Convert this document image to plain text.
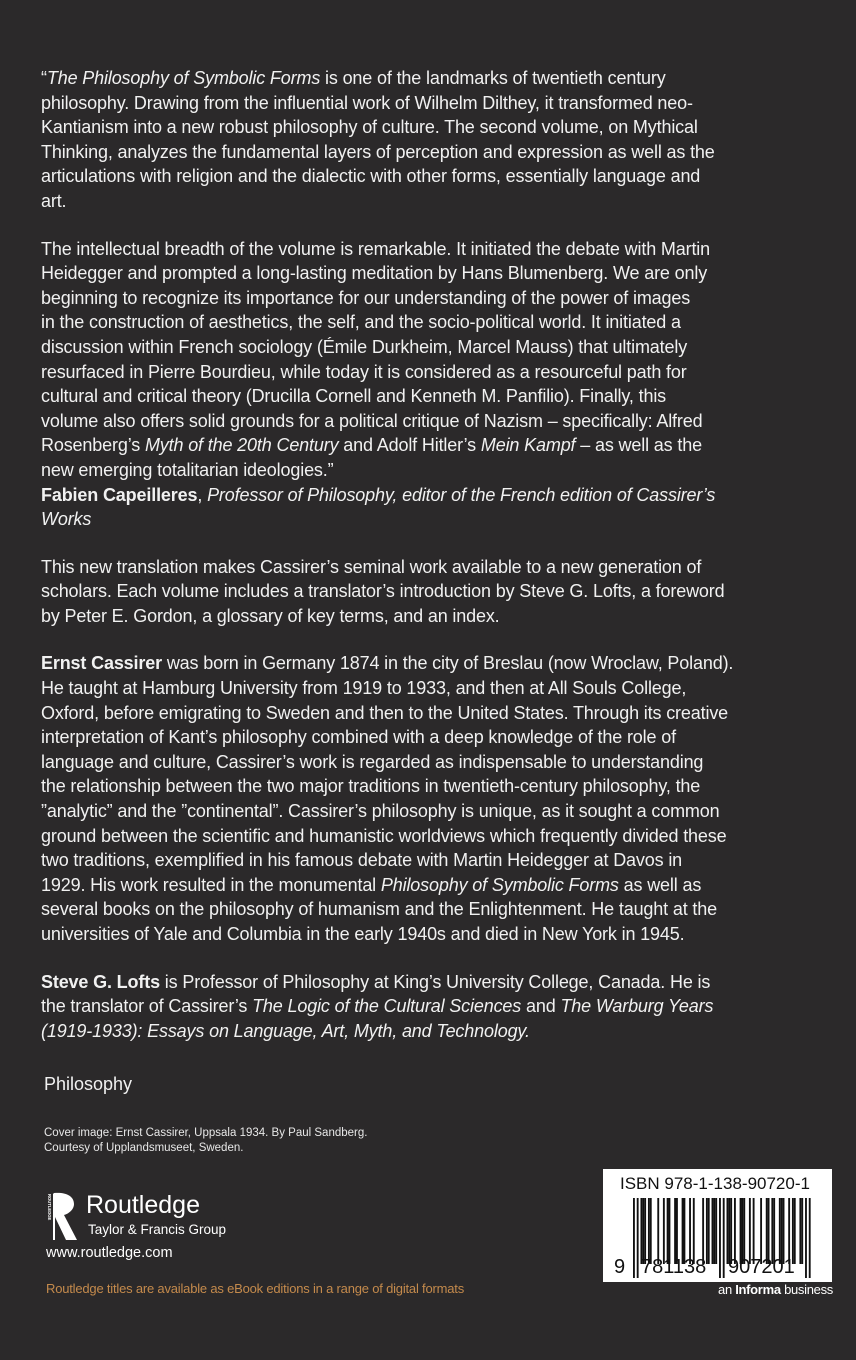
“The Philosophy of Symbolic Forms is one of the landmarks of twentieth century
philosophy. Drawing from the influential work of Wilhelm Dilthey, it transformed neo-
Kantianism into a new robust philosophy of culture. The second volume, on Mythical
Thinking, analyzes the fundamental layers of perception and expression as well as the
articulations with religion and the dialectic with other forms, essentially language and
art.
The intellectual breadth of the volume is remarkable. It initiated the debate with Martin
Heidegger and prompted a long-lasting meditation by Hans Blumenberg. We are only
beginning to recognize its importance for our understanding of the power of images
in the construction of aesthetics, the self, and the socio-political world. It initiated a
discussion within French sociology (Émile Durkheim, Marcel Mauss) that ultimately
resurfaced in Pierre Bourdieu, while today it is considered as a resourceful path for
cultural and critical theory (Drucilla Cornell and Kenneth M. Panfilio). Finally, this
volume also offers solid grounds for a political critique of Nazism – specifically: Alfred
Rosenberg’s Myth of the 20th Century and Adolf Hitler’s Mein Kampf – as well as the
new emerging totalitarian ideologies.”
Fabien Capeilleres, Professor of Philosophy, editor of the French edition of Cassirer’s
Works
This new translation makes Cassirer’s seminal work available to a new generation of
scholars. Each volume includes a translator’s introduction by Steve G. Lofts, a foreword
by Peter E. Gordon, a glossary of key terms, and an index.
Ernst Cassirer was born in Germany 1874 in the city of Breslau (now Wroclaw, Poland).
He taught at Hamburg University from 1919 to 1933, and then at All Souls College,
Oxford, before emigrating to Sweden and then to the United States. Through its creative
interpretation of Kant’s philosophy combined with a deep knowledge of the role of
language and culture, Cassirer’s work is regarded as indispensable to understanding
the relationship between the two major traditions in twentieth-century philosophy, the
”analytic” and the ”continental”. Cassirer’s philosophy is unique, as it sought a common
ground between the scientific and humanistic worldviews which frequently divided these
two traditions, exemplified in his famous debate with Martin Heidegger at Davos in
1929. His work resulted in the monumental Philosophy of Symbolic Forms as well as
several books on the philosophy of humanism and the Enlightenment. He taught at the
universities of Yale and Columbia in the early 1940s and died in New York in 1945.
Steve G. Lofts is Professor of Philosophy at King’s University College, Canada. He is
the translator of Cassirer’s The Logic of the Cultural Sciences and The Warburg Years
(1919-1933): Essays on Language, Art, Myth, and Technology.
Philosophy
Cover image: Ernst Cassirer, Uppsala 1934. By Paul Sandberg.
Courtesy of Upplandsmuseet, Sweden.
ROUTLEDGE Routledge
Taylor & Francis Group
www.routledge.com
Routledge titles are available as eBook editions in a range of digital formats
ISBN 978-1-138-90720-1
9 781138 907201
an Informa business
